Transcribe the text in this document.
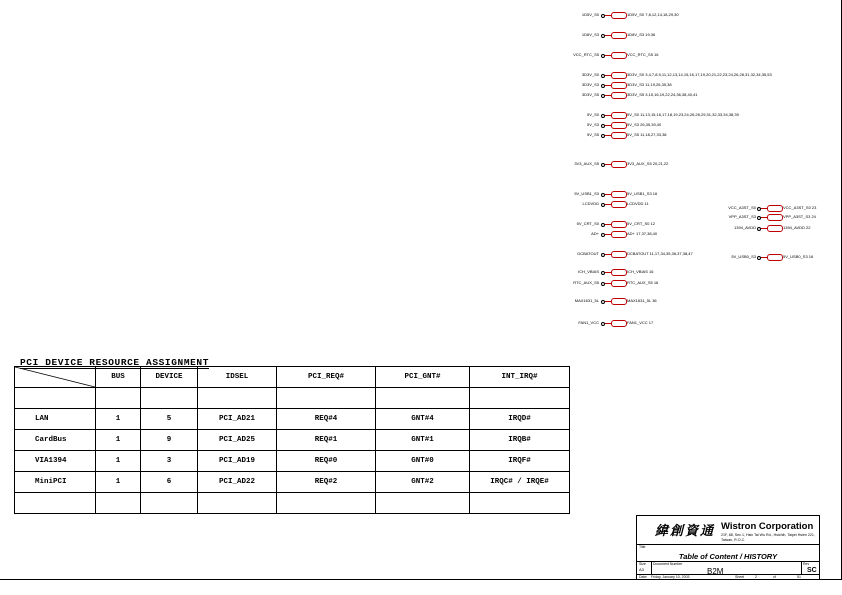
1D5V_S0	1D5V_S0 7,8,12,14,18,29,30
1D8V_S3	1D8V_S3 19,36
VCC_RTC_S5	VCC_RTC_S5 16
3D3V_S0	3D3V_S0 3,4,7,8,9,11,12,13,14,15,16,17,19,20,21,22,23,24,26,28,31,32,34,35,53
3D3V_S3	3D3V_S3 11,19,26,35,38
3D3V_S5	3D3V_S5 3,15,16,19,22,24,36,38,40,41
5V_S0	5V_S0 11,13,15,16,17,18,19,23,24,26,28,29,31,32,33,34,38,39
5V_S3	5V_S3 26,35,39,40
5V_S5	5V_S5 11,18,27,33,38
3V3_AUX_S5	3V3_AUX_S5 20,21,22
5V_USB1_S3	5V_USB1_S3 16
LCDVDD	LCDVDD 11
5V_CRT_S0	5V_CRT_S0 12
AD+	AD+ 17,37,38,40
DCBATOUT	DCBATOUT 11,17,34,35,36,37,38,47
ICH_VBIAS	ICH_VBIAS 16
RTC_AUX_S5	RTC_AUX_S5 16
MAX1631_5L	MAX1631_5L 36
FAN1_VCC	FAN1_VCC 17
VCC_A3ST_S0	VCC_A3ST_S0 23
VPP_A3ST_S3	VPP_A3ST_S3 24
1394_AVDD	1394_AVDD 22
5V_USB0_S3	5V_USB0_S3 16
PCI DEVICE RESOURCE ASSIGNMENT
	BUS	DEVICE	IDSEL	PCI_REQ#	PCI_GNT#	INT_IRQ#

LAN	1	5	PCI_AD21	REQ#4	GNT#4	IRQD#
CardBus	1	9	PCI_AD25	REQ#1	GNT#1	IRQB#
VIA1394	1	3	PCI_AD19	REQ#0	GNT#0	IRQF#
MiniPCI	1	6	PCI_AD22	REQ#2	GNT#2	IRQC# / IRQE#

緯創資通 Wistron Corporation
21F, 88, Sec.1, Hsin Tai Wu Rd., Hsichih, Taipei Hsien 221, Taiwan, R.O.C.
Title
Table of Content / HISTORY
Size
A3
Document Number
B2M
Rev
SC
Date: Friday, January 10, 2003	Sheet	2	of	51
